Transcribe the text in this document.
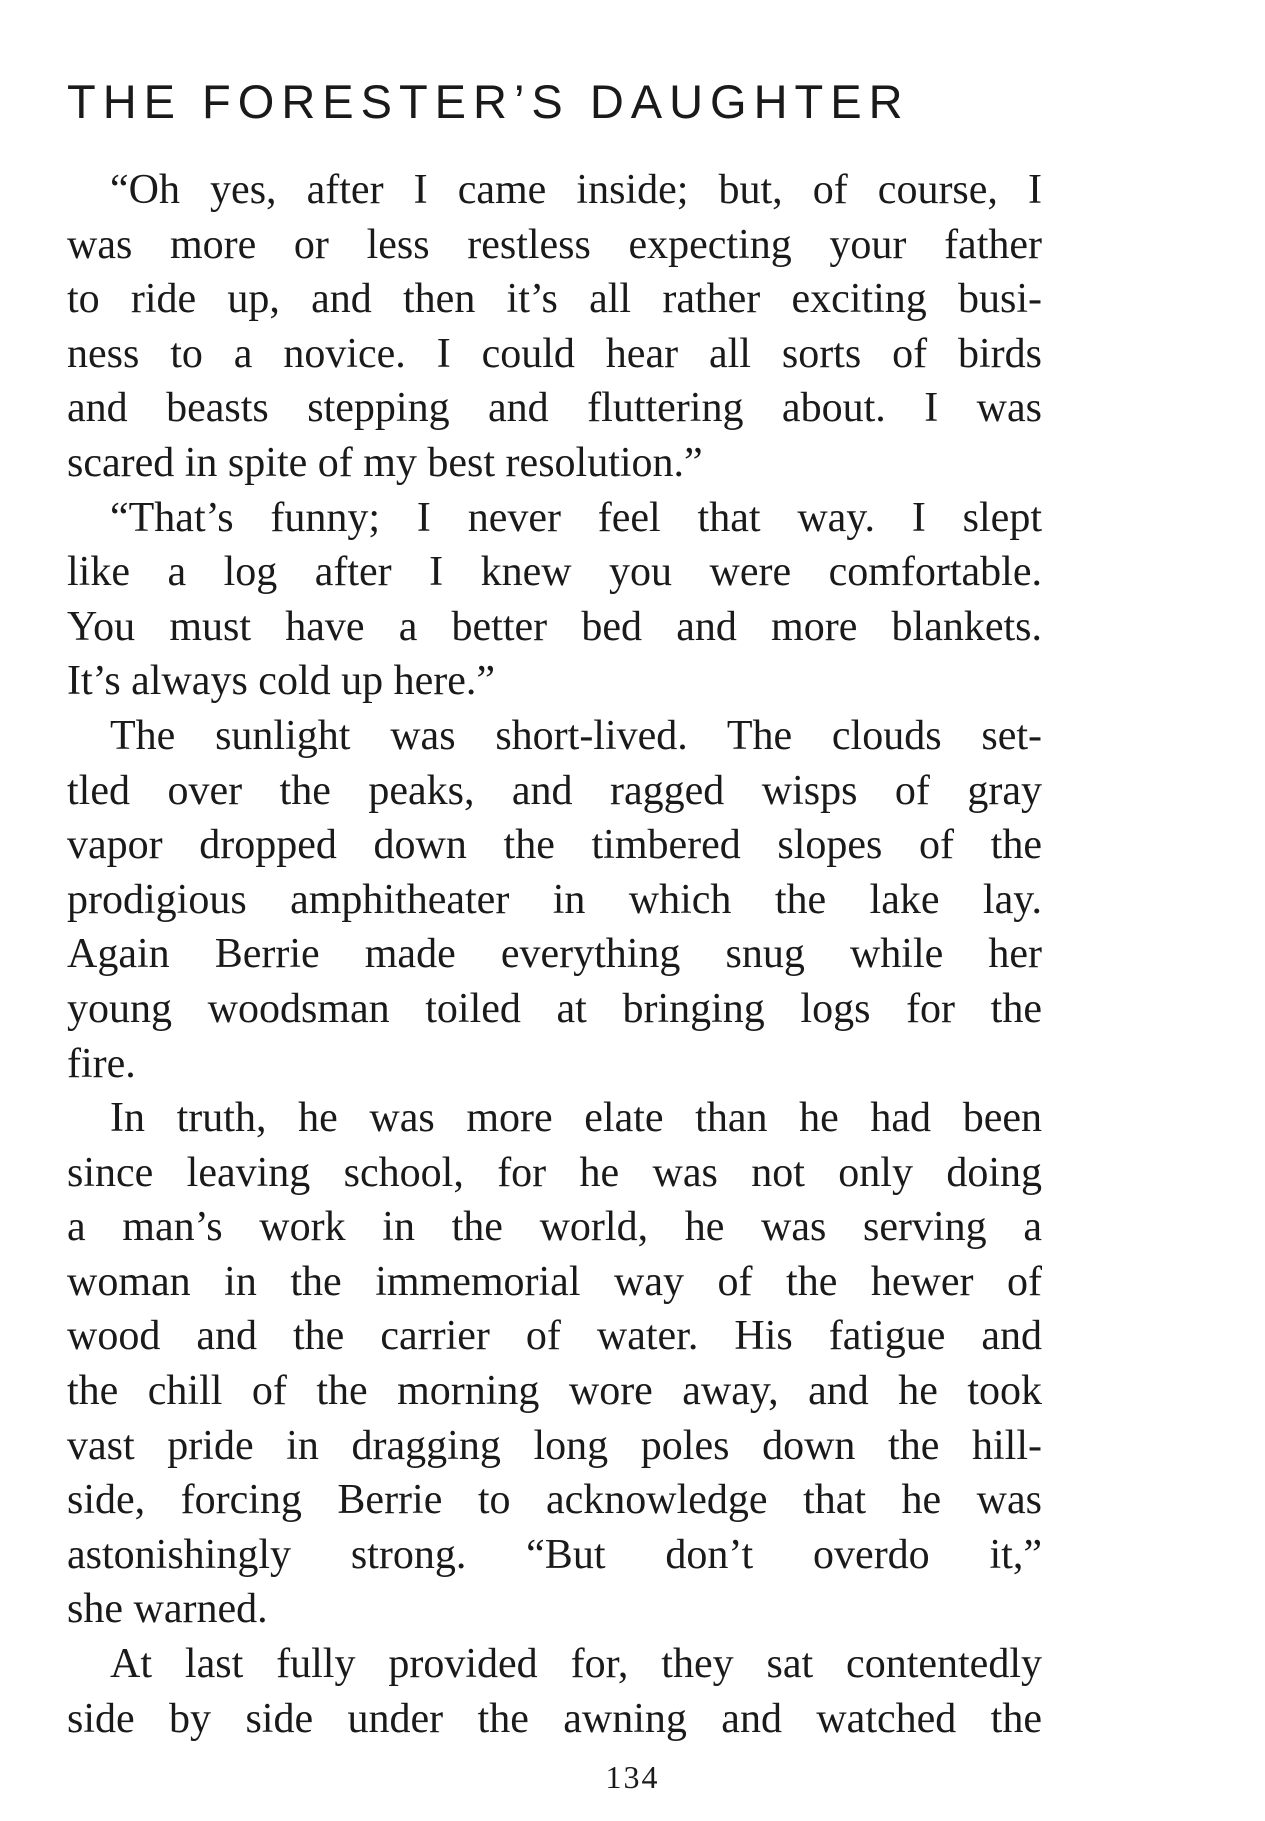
THE FORESTER’S DAUGHTER
“Oh yes, after I came inside; but, of course, I
was more or less restless expecting your father
to ride up, and then it’s all rather exciting busi-
ness to a novice. I could hear all sorts of birds
and beasts stepping and fluttering about. I was
scared in spite of my best resolution.”
“That’s funny; I never feel that way. I slept
like a log after I knew you were comfortable.
You must have a better bed and more blankets.
It’s always cold up here.”
The sunlight was short-lived. The clouds set-
tled over the peaks, and ragged wisps of gray
vapor dropped down the timbered slopes of the
prodigious amphitheater in which the lake lay.
Again Berrie made everything snug while her
young woodsman toiled at bringing logs for the
fire.
In truth, he was more elate than he had been
since leaving school, for he was not only doing
a man’s work in the world, he was serving a
woman in the immemorial way of the hewer of
wood and the carrier of water. His fatigue and
the chill of the morning wore away, and he took
vast pride in dragging long poles down the hill-
side, forcing Berrie to acknowledge that he was
astonishingly strong. “But don’t overdo it,”
she warned.
At last fully provided for, they sat contentedly
side by side under the awning and watched the
134
